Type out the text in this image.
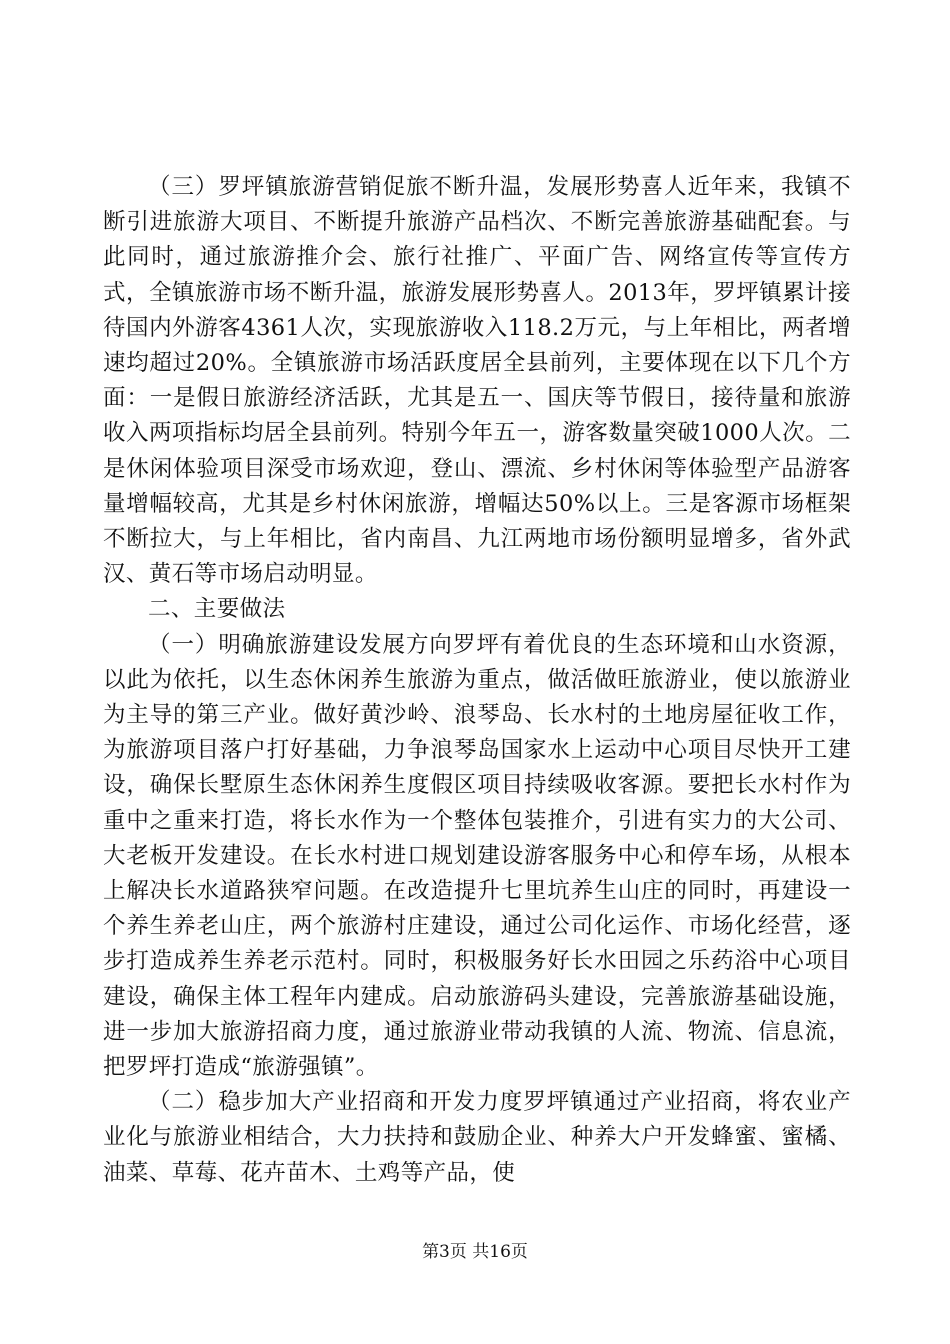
（三）罗坪镇旅游营销促旅不断升温，发展形势喜人近年来，我镇不断引进旅游大项目、不断提升旅游产品档次、不断完善旅游基础配套。与此同时，通过旅游推介会、旅行社推广、平面广告、网络宣传等宣传方式，全镇旅游市场不断升温，旅游发展形势喜人。2013年，罗坪镇累计接待国内外游客4361人次，实现旅游收入118.2万元，与上年相比，两者增速均超过20%。全镇旅游市场活跃度居全县前列，主要体现在以下几个方面：一是假日旅游经济活跃，尤其是五一、国庆等节假日，接待量和旅游收入两项指标均居全县前列。特别今年五一，游客数量突破1000人次。二是休闲体验项目深受市场欢迎，登山、漂流、乡村休闲等体验型产品游客量增幅较高，尤其是乡村休闲旅游，增幅达50%以上。三是客源市场框架不断拉大，与上年相比，省内南昌、九江两地市场份额明显增多，省外武汉、黄石等市场启动明显。

二、主要做法

（一）明确旅游建设发展方向罗坪有着优良的生态环境和山水资源，以此为依托，以生态休闲养生旅游为重点，做活做旺旅游业，使以旅游业为主导的第三产业。做好黄沙岭、浪琴岛、长水村的土地房屋征收工作，为旅游项目落户打好基础，力争浪琴岛国家水上运动中心项目尽快开工建设，确保长墅原生态休闲养生度假区项目持续吸收客源。要把长水村作为重中之重来打造，将长水作为一个整体包装推介，引进有实力的大公司、大老板开发建设。在长水村进口规划建设游客服务中心和停车场，从根本上解决长水道路狭窄问题。在改造提升七里坑养生山庄的同时，再建设一个养生养老山庄，两个旅游村庄建设，通过公司化运作、市场化经营，逐步打造成养生养老示范村。同时，积极服务好长水田园之乐药浴中心项目建设，确保主体工程年内建成。启动旅游码头建设，完善旅游基础设施，进一步加大旅游招商力度，通过旅游业带动我镇的人流、物流、信息流，把罗坪打造成“旅游强镇”。

（二）稳步加大产业招商和开发力度罗坪镇通过产业招商，将农业产业化与旅游业相结合，大力扶持和鼓励企业、种养大户开发蜂蜜、蜜橘、油菜、草莓、花卉苗木、土鸡等产品，使

第3页 共16页
